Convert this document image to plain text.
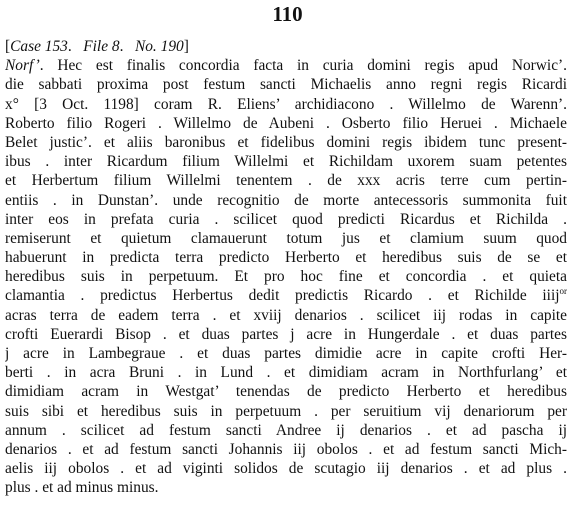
110
[Case 153.   File 8.   No. 190]
Norf’. Hec est finalis concordia facta in curia domini regis apud Norwic’.
die sabbati proxima post festum sancti Michaelis anno regni regis Ricardi
x° [3 Oct. 1198] coram R. Eliens’ archidiacono . Willelmo de Warenn’.
Roberto filio Rogeri . Willelmo de Aubeni . Osberto filio Heruei . Michaele
Belet justic’. et aliis baronibus et fidelibus domini regis ibidem tunc present-
ibus . inter Ricardum filium Willelmi et Richildam uxorem suam petentes
et Herbertum filium Willelmi tenentem . de xxx acris terre cum pertin-
entiis . in Dunstan’. unde recognitio de morte antecessoris summonita fuit
inter eos in prefata curia . scilicet quod predicti Ricardus et Richilda .
remiserunt et quietum clamauerunt totum jus et clamium suum quod
habuerunt in predicta terra predicto Herberto et heredibus suis de se et
heredibus suis in perpetuum. Et pro hoc fine et concordia . et quieta
clamantia . predictus Herbertus dedit predictis Ricardo . et Richilde iiij$^{or}$
acras terra de eadem terra . et xviij denarios . scilicet iij rodas in capite
crofti Euerardi Bisop . et duas partes j acre in Hungerdale . et duas partes
j acre in Lambegraue . et duas partes dimidie acre in capite crofti Her-
berti . in acra Bruni . in Lund . et dimidiam acram in Northfurlang’ et
dimidiam acram in Westgat’ tenendas de predicto Herberto et heredibus
suis sibi et heredibus suis in perpetuum . per seruitium vij denariorum per
annum . scilicet ad festum sancti Andree ij denarios . et ad pascha ij
denarios . et ad festum sancti Johannis iij obolos . et ad festum sancti Mich-
aelis iij obolos . et ad viginti solidos de scutagio iij denarios . et ad plus .
plus . et ad minus minus.
